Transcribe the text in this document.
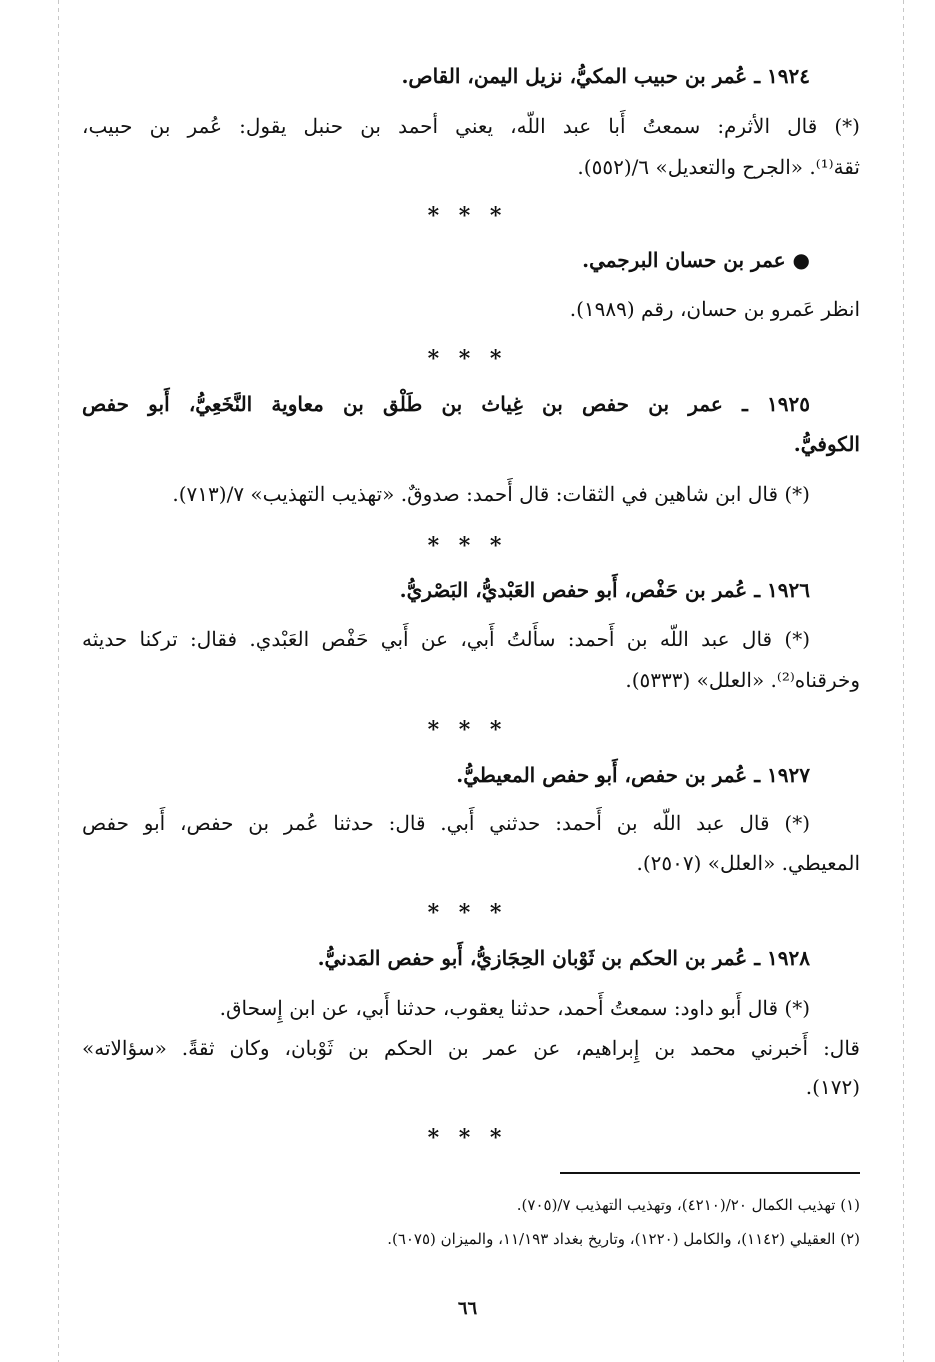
١٩٢٤ ـ عُمر بن حبيب المكيُّ، نزيل اليمن، القاص.
(*) قال الأثرم: سمعتُ أَبا عبد اللّه، يعني أحمد بن حنبل يقول: عُمر بن حبيب،
ثقة⁽¹⁾. «الجرح والتعديل» ٦/(٥٥٢).
* * *
● عمر بن حسان البرجمي.
انظر عَمرو بن حسان، رقم (١٩٨٩).
* * *
١٩٢٥ ـ عمر بن حفص بن غِياث بن طَلْق بن معاوية النَّخَعِيُّ، أَبو حفص
الكوفيُّ.
(*) قال ابن شاهين في الثقات: قال أَحمد: صدوقٌ. «تهذيب التهذيب» ٧/(٧١٣).
* * *
١٩٢٦ ـ عُمر بن حَفْص، أَبو حفص العَبْديُّ، البَصْريُّ.
(*) قال عبد اللّه بن أَحمد: سأَلتُ أَبي، عن أَبي حَفْص العَبْدي. فقال: تركنا حديثه
وخرقناه⁽²⁾. «العلل» (٥٣٣٣).
* * *
١٩٢٧ ـ عُمر بن حفص، أَبو حفص المعيطيُّ.
(*) قال عبد اللّه بن أَحمد: حدثني أَبي. قال: حدثنا عُمر بن حفص، أَبو حفص
المعيطي. «العلل» (٢٥٠٧).
* * *
١٩٢٨ ـ عُمر بن الحكم بن ثَوْبان الحِجَازيُّ، أَبو حفص المَدنيُّ.
(*) قال أَبو داود: سمعتُ أَحمد، حدثنا يعقوب، حدثنا أَبي، عن ابن إِسحاق.
قال: أَخبرني محمد بن إِبراهيم، عن عمر بن الحكم بن ثَوْبان، وكان ثقةً. «سؤالاته»
(١٧٢).
* * *
(١) تهذيب الكمال ٢٠/(٤٢١٠)، وتهذيب التهذيب ٧/(٧٠٥).
(٢) العقيلي (١١٤٢)، والكامل (١٢٢٠)، وتاريخ بغداد ١١/١٩٣، والميزان (٦٠٧٥).
٦٦
